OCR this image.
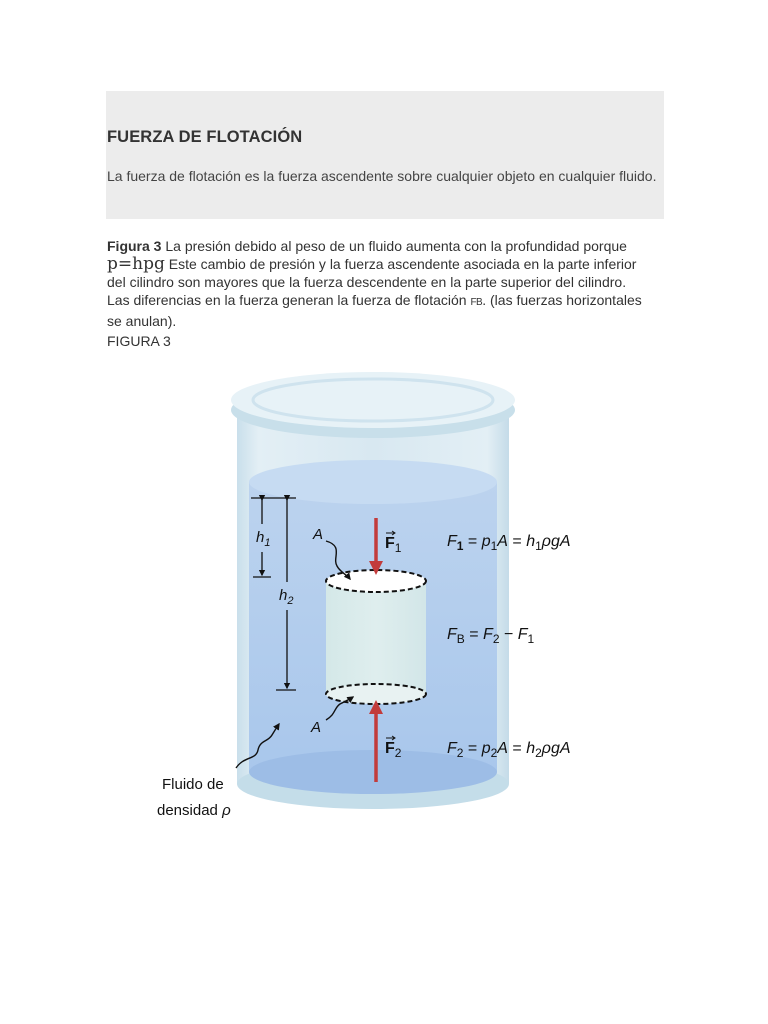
FUERZA DE FLOTACIÓN
La fuerza de flotación es la fuerza ascendente sobre cualquier objeto en cualquier fluido.
Figura 3 La presión debido al peso de un fluido aumenta con la profundidad porque p=hpg Este cambio de presión y la fuerza ascendente asociada en la parte inferior del cilindro son mayores que la fuerza descendente en la parte superior del cilindro. Las diferencias en la fuerza generan la fuerza de flotación FB. (las fuerzas horizontales se anulan).
FIGURA 3
$h_1$
$h_2$
A
A
$F_1$
$F_2$
$F_1 = p_1A = h_1\rho gA$
$F_B = F_2 - F_1$
$F_2 = p_2A = h_2\rho gA$
Fluido de
densidad ρ
